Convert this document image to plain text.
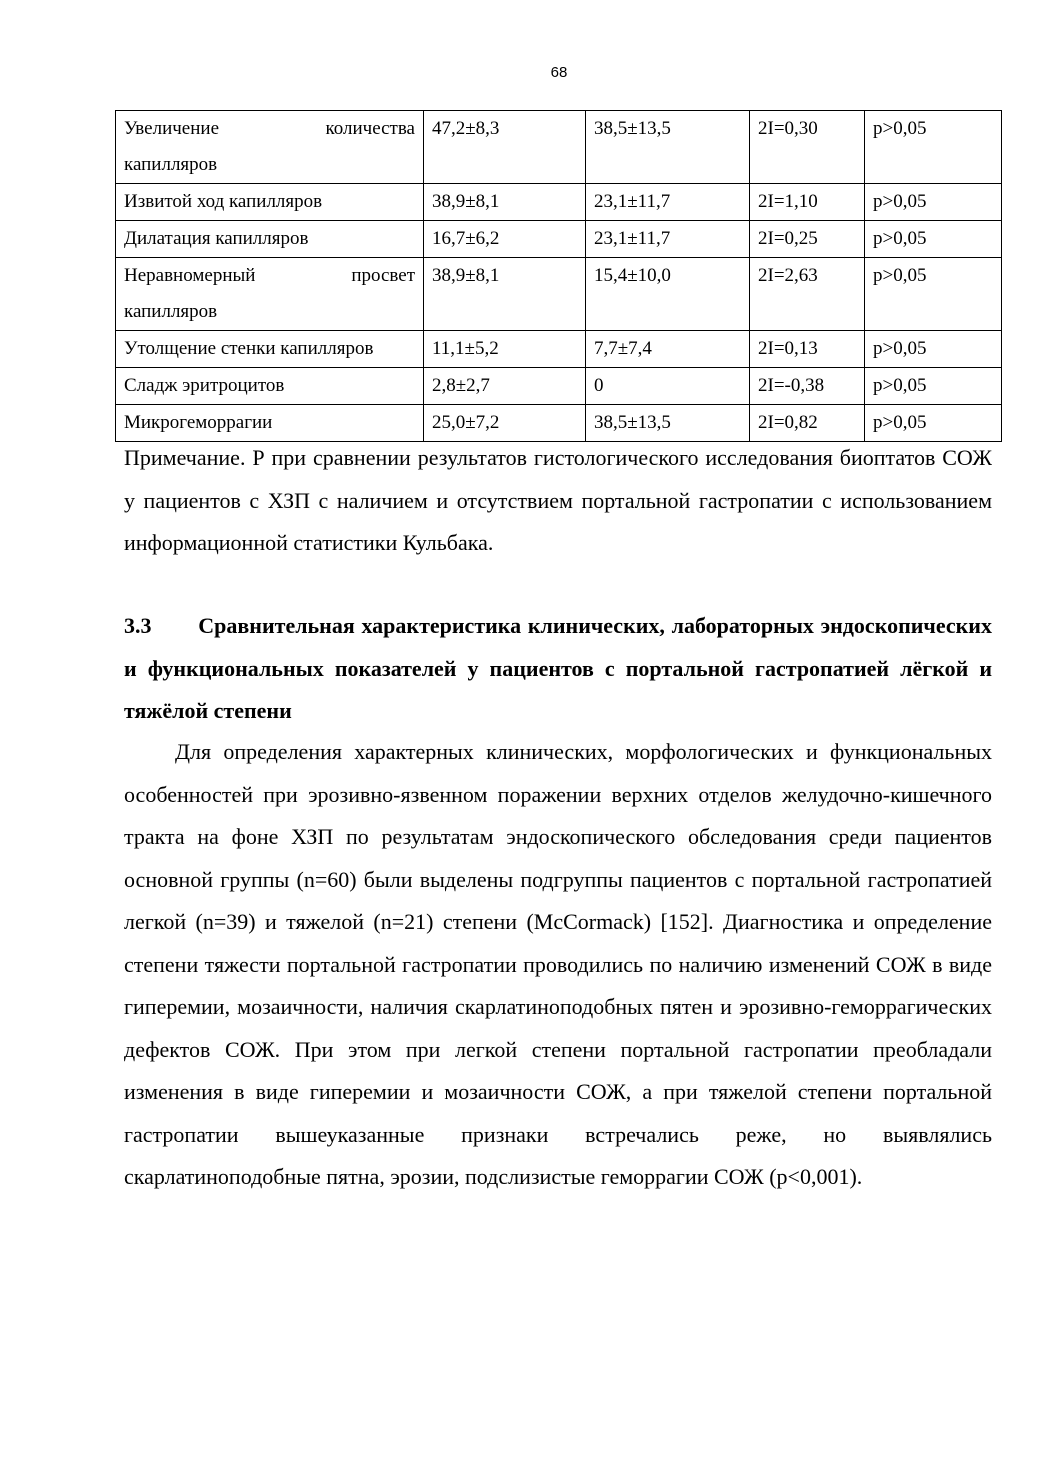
68
Увеличение количества
капилляров	47,2±8,3	38,5±13,5	2I=0,30	p>0,05
Извитой ход капилляров	38,9±8,1	23,1±11,7	2I=1,10	p>0,05
Дилатация капилляров	16,7±6,2	23,1±11,7	2I=0,25	p>0,05

Неравномерный просвет
капилляров	38,9±8,1	15,4±10,0	2I=2,63	p>0,05
Утолщение стенки капилляров	11,1±5,2	7,7±7,4	2I=0,13	p>0,05
Сладж эритроцитов	2,8±2,7	0	2I=-0,38	p>0,05
Микрогеморрагии	25,0±7,2	38,5±13,5	2I=0,82	p>0,05

Примечание. Р при сравнении результатов гистологического исследования биоптатов СОЖ у пациентов с ХЗП с наличием и отсутствием портальной гастропатии с использованием информационной статистики Кульбака.

3.3       Сравнительная характеристика клинических, лабораторных эндоскопических и функциональных показателей у пациентов с портальной гастропатией лёгкой и тяжёлой степени

Для определения характерных клинических, морфологических и функциональных особенностей при эрозивно-язвенном поражении верхних отделов желудочно-кишечного тракта на фоне ХЗП по результатам эндоскопического обследования среди пациентов основной группы (n=60) были выделены подгруппы пациентов с портальной гастропатией легкой (n=39) и тяжелой (n=21) степени (McCormack) [152]. Диагностика и определение степени тяжести портальной гастропатии проводились по наличию изменений СОЖ в виде гиперемии, мозаичности, наличия скарлатиноподобных пятен и эрозивно-геморрагических дефектов СОЖ. При этом при легкой степени портальной гастропатии преобладали изменения в виде гиперемии и мозаичности СОЖ, а при тяжелой степени портальной гастропатии вышеуказанные признаки встречались реже, но выявлялись скарлатиноподобные пятна, эрозии, подслизистые геморрагии СОЖ (p<0,001).
